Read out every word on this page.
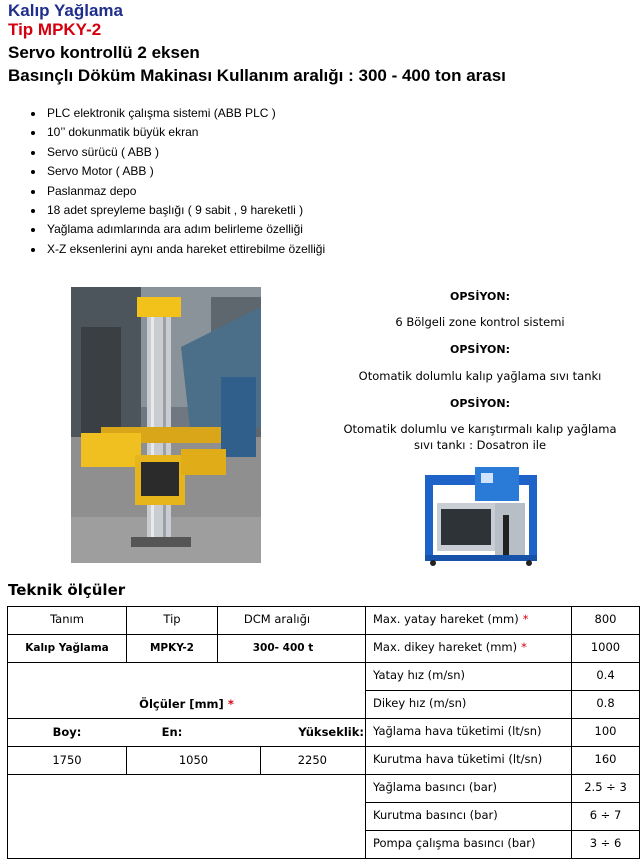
Kalıp Yağlama
Tip MPKY-2
Servo kontrollü 2 eksen
Basınçlı Döküm Makinası Kullanım aralığı : 300 - 400 ton arası
PLC elektronik çalışma sistemi (ABB PLC )
10’’ dokunmatik büyük ekran
Servo sürücü ( ABB )
Servo Motor ( ABB )
Paslanmaz depo
18 adet spreyleme başlığı ( 9 sabit , 9 hareketli )
Yağlama adımlarında ara adım belirleme özelliği
X-Z eksenlerini aynı anda hareket ettirebilme özelliği
OPSİYON:
6 Bölgeli zone kontrol sistemi
OPSİYON:
Otomatik dolumlu kalıp yağlama sıvı tankı
OPSİYON:
Otomatik dolumlu ve karıştırmalı kalıp yağlama
sıvı tankı : Dosatron ile
Teknik ölçüler
Tanım	Tip	DCM aralığı
Kalıp Yağlama	MPKY-2	300- 400 t
Ölçüler [mm] *
Boy:	En:	Yükseklik:
1750	1050	2250
Max. yatay hareket (mm) *	800
Max. dikey hareket (mm) *	1000
Yatay hız (m/sn)	0.4
Dikey hız (m/sn)	0.8
Yağlama hava tüketimi (lt/sn)	100
Kurutma hava tüketimi (lt/sn)	160
Yağlama basıncı (bar)	2.5 ÷ 3
Kurutma basıncı (bar)	6 ÷ 7
Pompa çalışma basıncı (bar)	3 ÷ 6
